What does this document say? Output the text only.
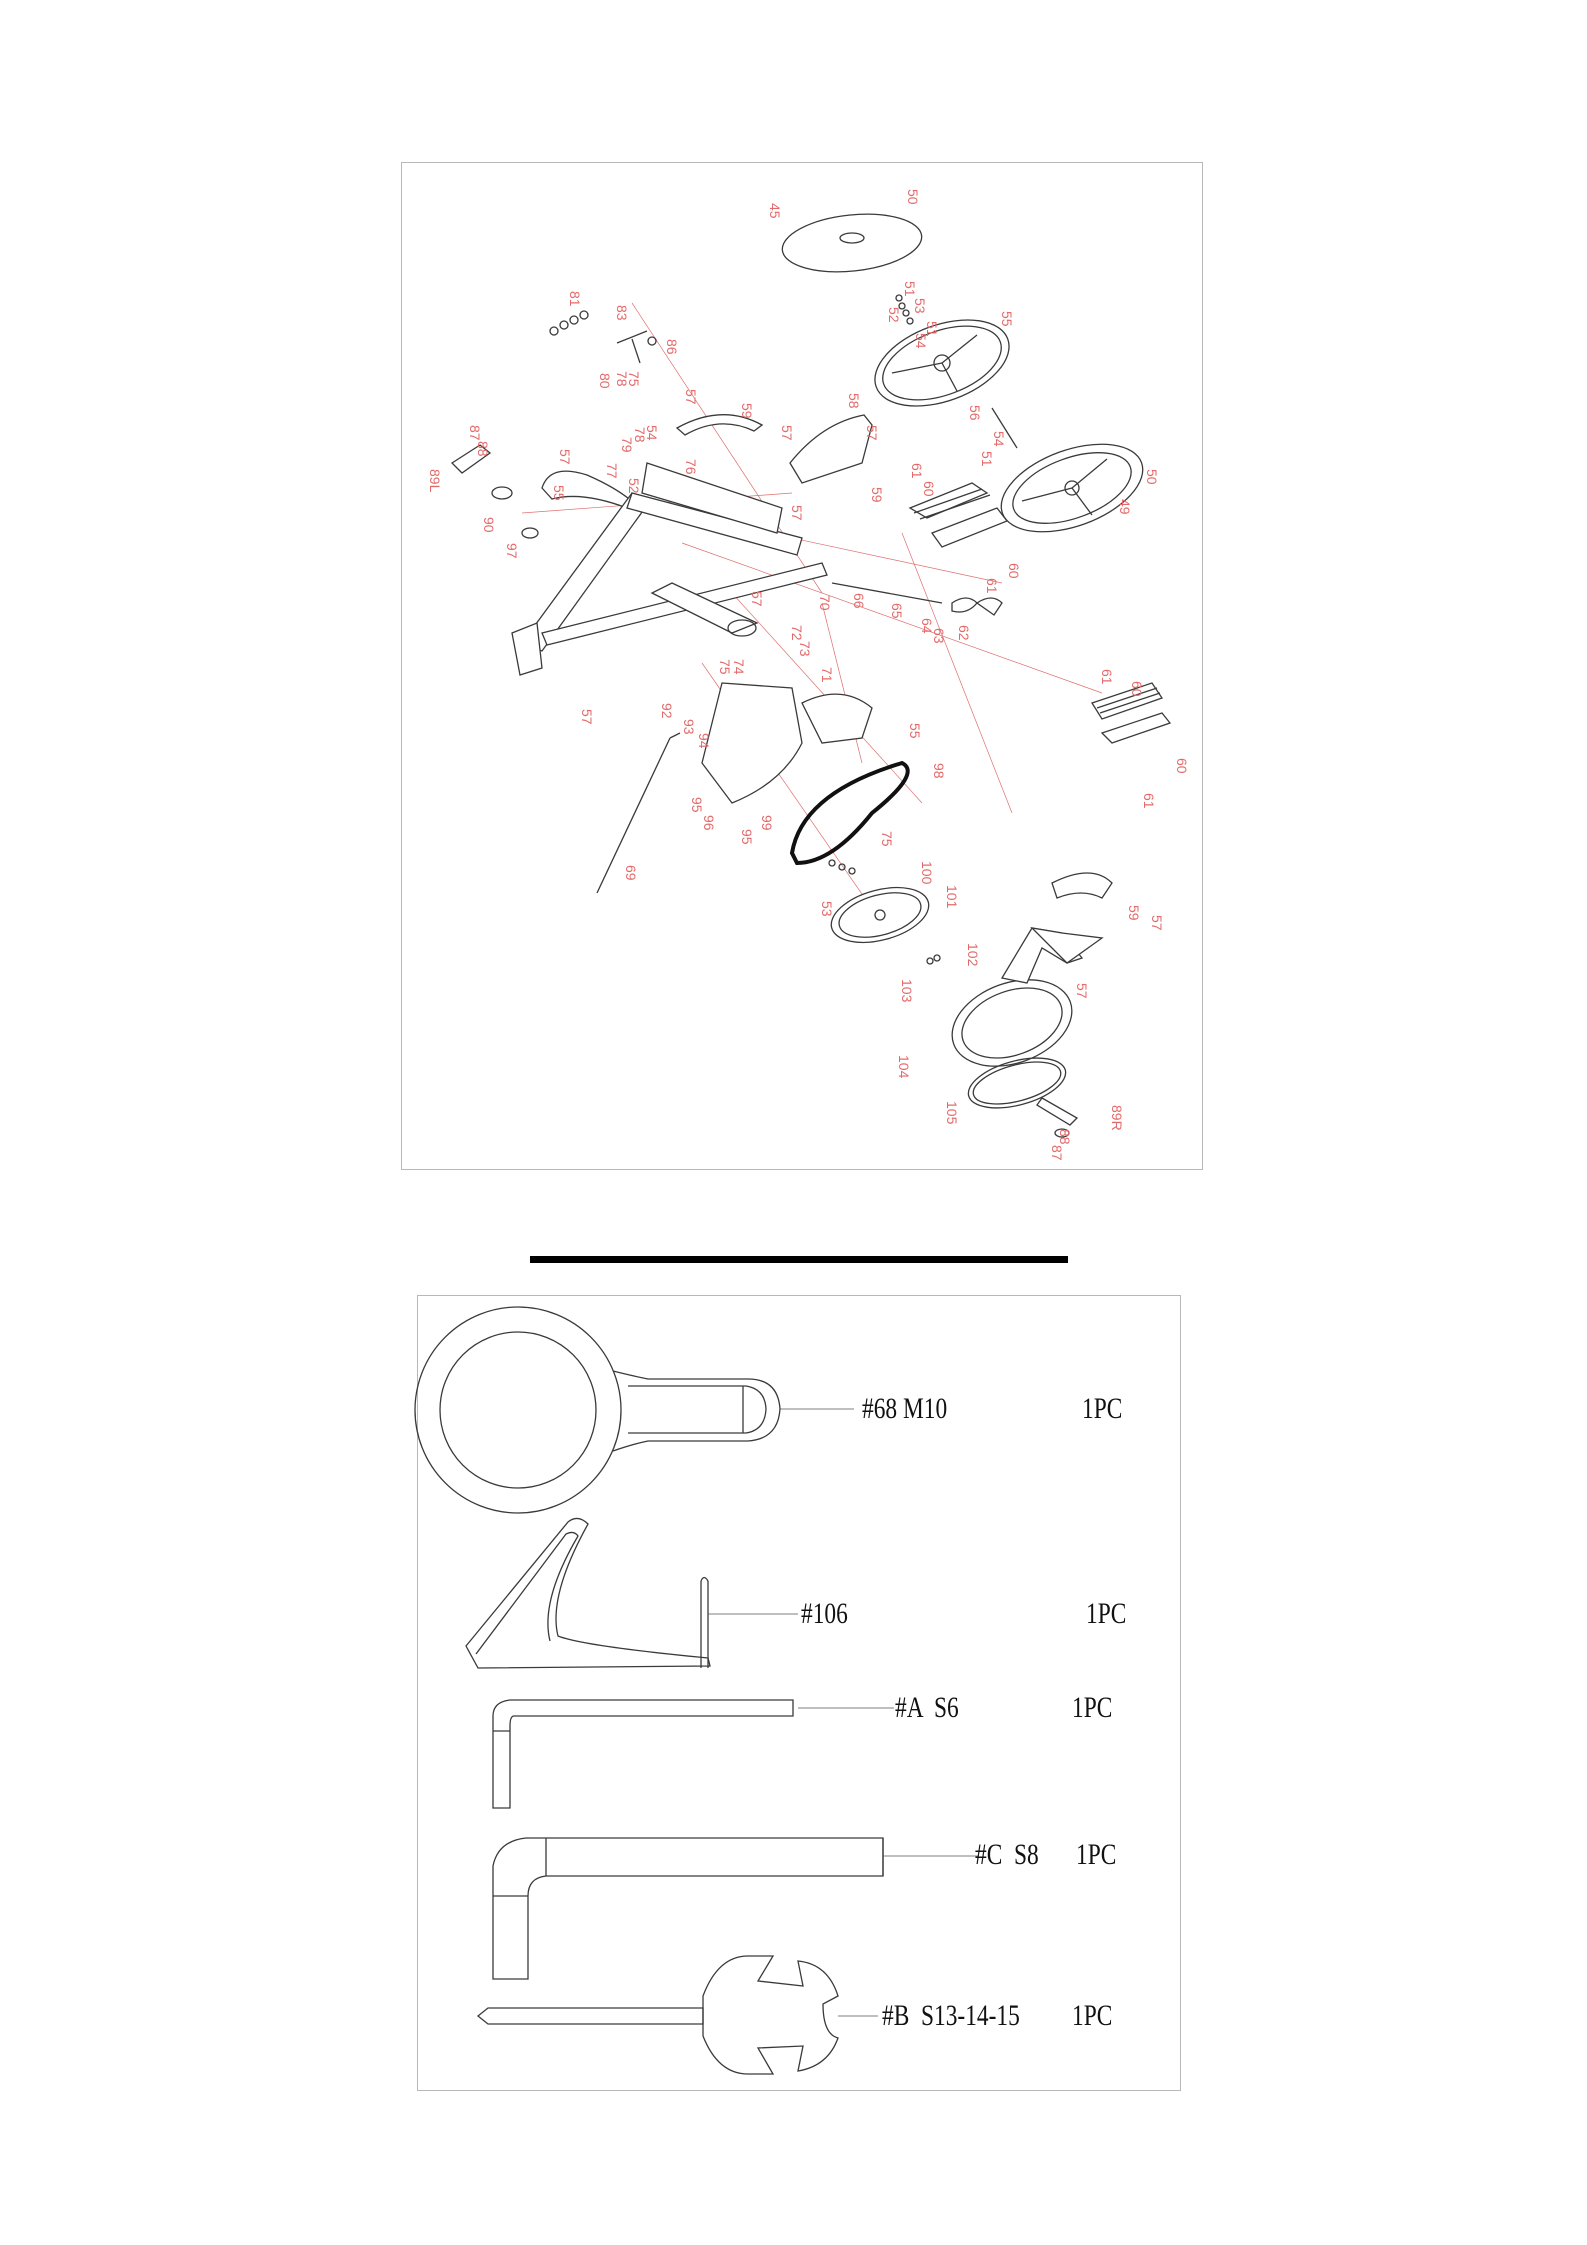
45
50
51
52
53
54
51
55
81
83
86
80 78
75
57
59
58
57	57
56
54
51
50
49
87
88	79
78
54
57
77	76
52
61
60
59
89L
57
55
90
97
57	70 66
65
64
63 62
61
60
72
75
74
73
71	61
60
60
61
57	92
93
94
55
98
95
96
95
99
69
75
100
101
53
102
103
59
57
57
104
105	89R
88
87
#68 M10	1PC
#106	1PC
#A  S6	1PC
#C  S8 1PC
#B  S13-14-15 1PC
